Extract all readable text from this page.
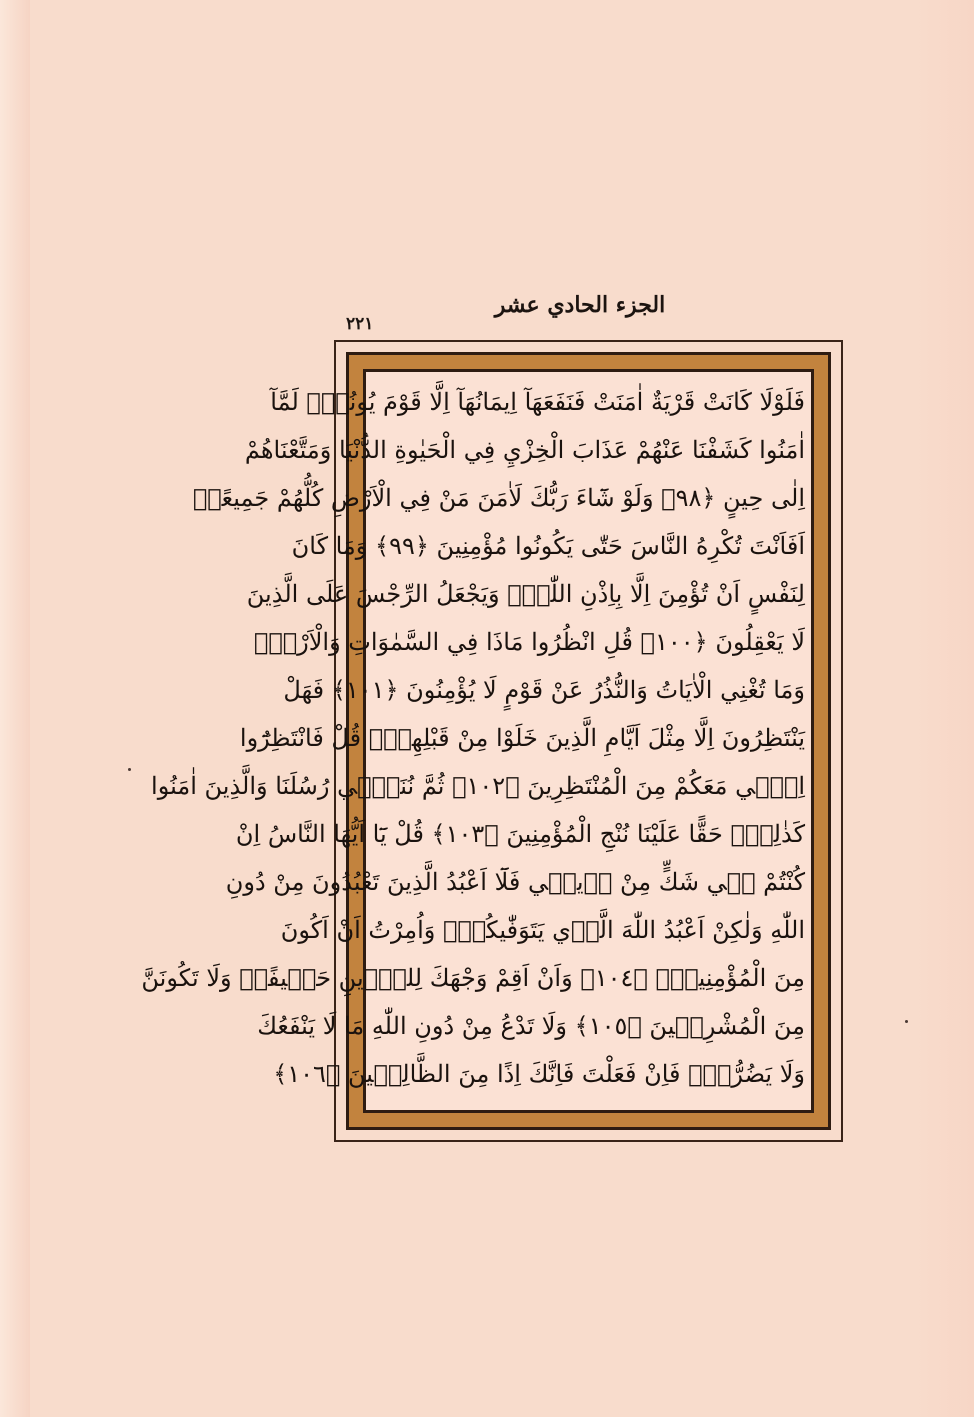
الجزء الحادي عشر
٢٢١
فَلَوْلَا كَانَتْ قَرْيَةٌ اٰمَنَتْ فَنَفَعَهَآ اِيمَانُهَآ اِلَّا قَوْمَ يُونُسَۜ لَمَّآ
اٰمَنُوا كَشَفْنَا عَنْهُمْ عَذَابَ الْخِزْيِ فِي الْحَيٰوةِ الدُّنْيَا وَمَتَّعْنَاهُمْ
اِلٰى حِينٍ ﴿٩٨﴾ وَلَوْ شَٓاءَ رَبُّكَ لَاٰمَنَ مَنْ فِي الْاَرْضِ كُلُّهُمْ جَمِيعًاۜ
اَفَاَنْتَ تُكْرِهُ النَّاسَ حَتّٰى يَكُونُوا مُؤْمِنِينَ ﴿٩٩﴾ وَمَا كَانَ
لِنَفْسٍ اَنْ تُؤْمِنَ اِلَّا بِاِذْنِ اللّٰهِۜ وَيَجْعَلُ الرِّجْسَ عَلَى الَّذِينَ
لَا يَعْقِلُونَ ﴿١٠٠﴾ قُلِ انْظُرُوا مَاذَا فِي السَّمٰوَاتِ وَالْاَرْضِۜ
وَمَا تُغْنِي الْاٰيَاتُ وَالنُّذُرُ عَنْ قَوْمٍ لَا يُؤْمِنُونَ ﴿١٠١﴾ فَهَلْ
يَنْتَظِرُونَ اِلَّا مِثْلَ اَيَّامِ الَّذِينَ خَلَوْا مِنْ قَبْلِهِمْۜ قُلْ فَانْتَظِرُٓوا
اِنّ۪ي مَعَكُمْ مِنَ الْمُنْتَظِرِينَ ﴿١٠٢﴾ ثُمَّ نُنَجّ۪ي رُسُلَنَا وَالَّذِينَ اٰمَنُوا
كَذٰلِكَۚ حَقًّا عَلَيْنَا نُنْجِ الْمُؤْمِنِينَ ﴿١٠٣﴾ قُلْ يَٓا اَيُّهَا النَّاسُ اِنْ
كُنْتُمْ ف۪ي شَكٍّ مِنْ د۪ين۪ي فَلَٓا اَعْبُدُ الَّذِينَ تَعْبُدُونَ مِنْ دُونِ
اللّٰهِ وَلٰكِنْ اَعْبُدُ اللّٰهَ الَّذ۪ي يَتَوَفّٰيكُمْۚ وَاُمِرْتُ اَنْ اَكُونَ
مِنَ الْمُؤْمِنِينَۙ ﴿١٠٤﴾ وَاَنْ اَقِمْ وَجْهَكَ لِلدّ۪ينِ حَن۪يفًاۚ وَلَا تَكُونَنَّ
مِنَ الْمُشْرِك۪ينَ ﴿١٠٥﴾ وَلَا تَدْعُ مِنْ دُونِ اللّٰهِ مَا لَا يَنْفَعُكَ
وَلَا يَضُرُّكَۚ فَاِنْ فَعَلْتَ فَاِنَّكَ اِذًا مِنَ الظَّالِم۪ينَ ﴿١٠٦﴾
